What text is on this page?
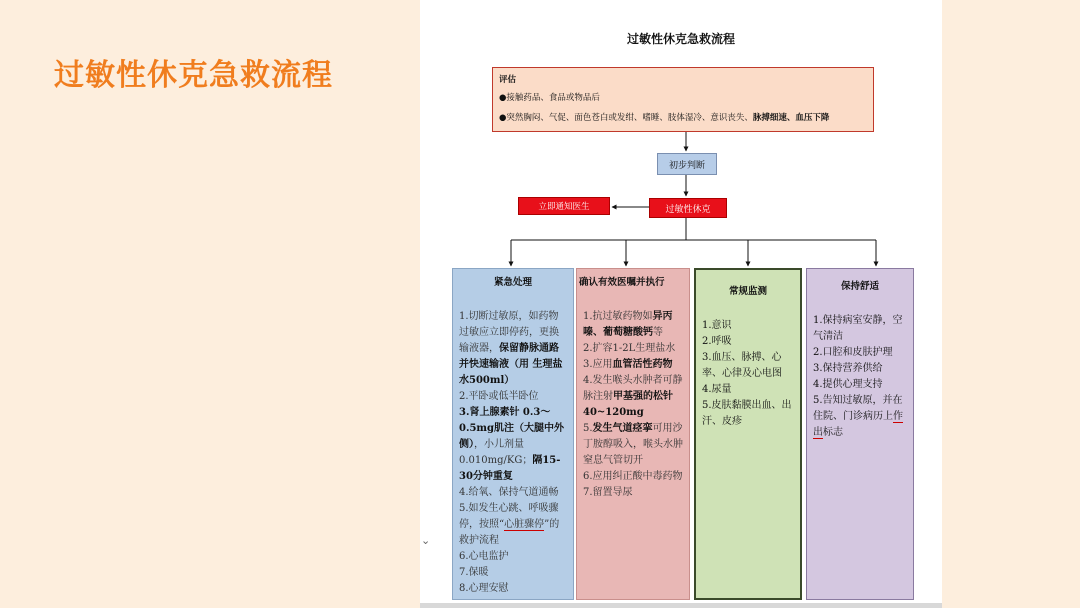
过敏性休克急救流程
过敏性休克急救流程
评估
●接触药品、食品或物品后
●突然胸闷、气促、面色苍白或发绀、嗜睡、肢体湿冷、意识丧失、脉搏细速、血压下降
初步判断
过敏性休克
立即通知医生
紧急处理
1.切断过敏原，如药物过敏应立即停药，更换输液器，保留静脉通路并快速输液（用 生理盐水500ml）
2.平卧或低半卧位
3.肾上腺素针 0.3～0.5mg肌注（大腿中外侧），小儿剂量0.010mg/KG；隔15-30分钟重复
4.给氧、保持气道通畅
5.如发生心跳、呼吸骤停，按照“心脏骤停”的救护流程
6.心电监护
7.保暖
8.心理安慰
确认有效医嘱并执行
1.抗过敏药物如异丙嗪、葡萄糖酸钙等
2.扩容1-2L生理盐水
3.应用血管活性药物
4.发生喉头水肿者可静脉注射甲基强的松针 40~120mg
5.发生气道痉挛可用沙丁胺醇吸入，喉头水肿窒息气管切开
6.应用纠正酸中毒药物
7.留置导尿
常规监测
1.意识
2.呼吸
3.血压、脉搏、心率、心律及心电图
4.尿量
5.皮肤黏膜出血、出汗、皮疹
保持舒适
1.保持病室安静，空气清洁
2.口腔和皮肤护理
3.保持营养供给
4.提供心理支持
5.告知过敏原，并在住院、门诊病历上作出标志
⌄
